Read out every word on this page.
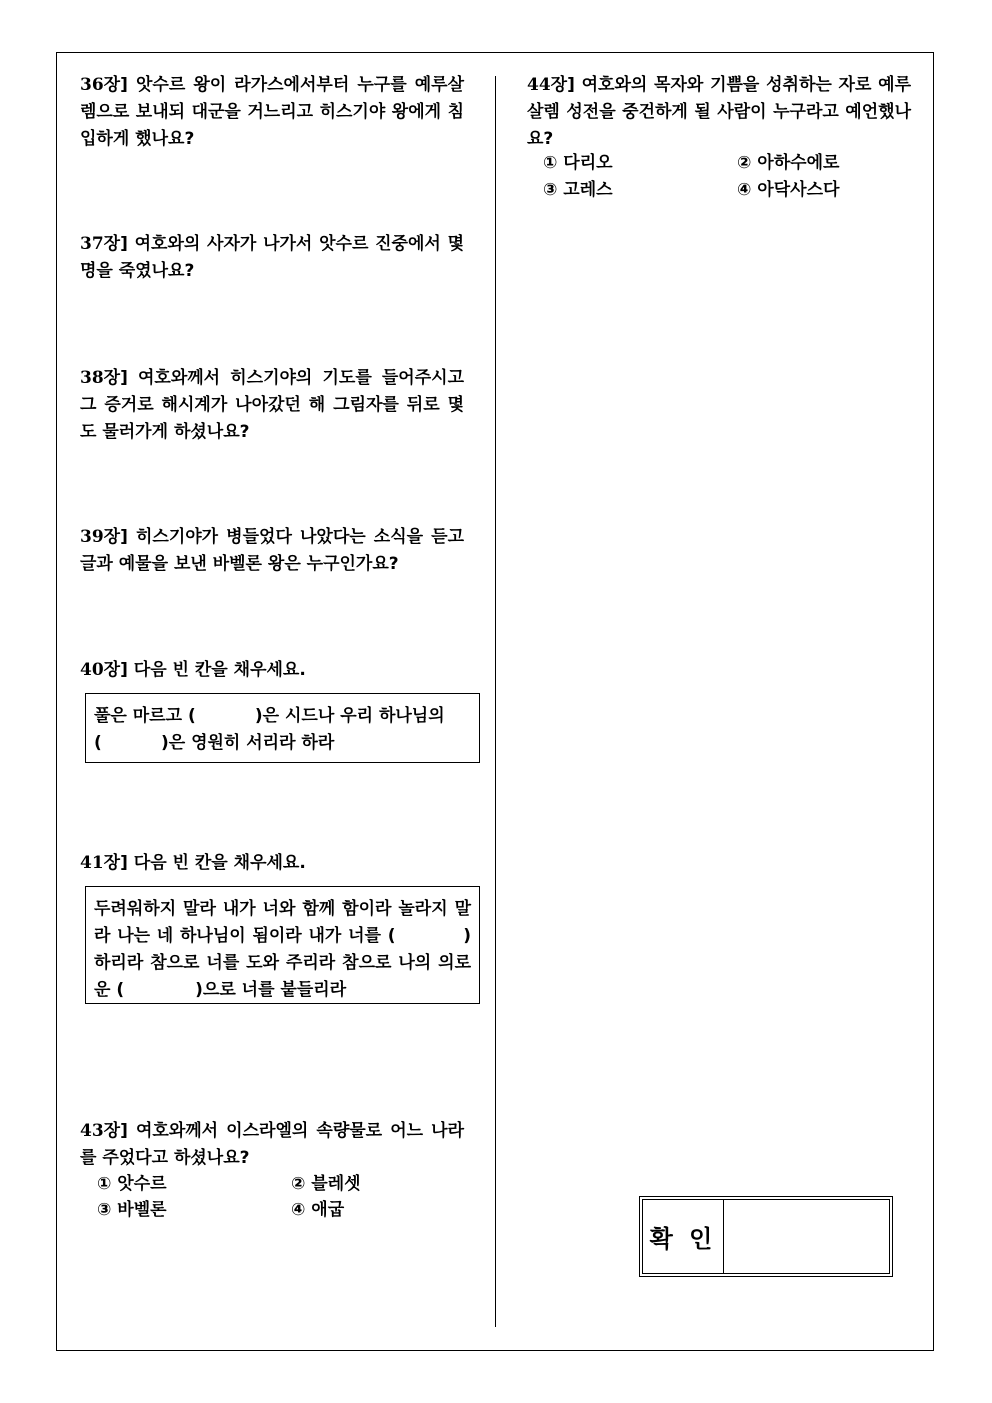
36장] 앗수르 왕이 라가스에서부터 누구를 예루살렘으로 보내되 대군을 거느리고 히스기야 왕에게 침입하게 했나요?
37장] 여호와의 사자가 나가서 앗수르 진중에서 몇 명을 죽였나요?
38장] 여호와께서 히스기야의 기도를 들어주시고 그 증거로 해시계가 나아갔던 해 그림자를 뒤로 몇 도 물러가게 하셨나요?
39장] 히스기야가 병들었다 나았다는 소식을 듣고 글과 예물을 보낸 바벨론 왕은 누구인가요?
40장] 다음 빈 칸을 채우세요.
풀은 마르고 (          )은 시드나 우리 하나님의
(          )은 영원히 서리라 하라
41장] 다음 빈 칸을 채우세요.
두려워하지 말라 내가 너와 함께 함이라 놀라지 말라 나는 네 하나님이 됨이라 내가 너를 (          ) 하리라 참으로 너를 도와 주리라 참으로 나의 의로운 (            )으로 너를 붙들리라
43장] 여호와께서 이스라엘의 속량물로 어느 나라를 주었다고 하셨나요?
① 앗수르	② 블레셋
③ 바벨론	④ 애굽
44장] 여호와의 목자와 기쁨을 성취하는 자로 예루살렘 성전을 중건하게 될 사람이 누구라고 예언했나요?
① 다리오	② 아하수에로
③ 고레스	④ 아닥사스다
확 인
